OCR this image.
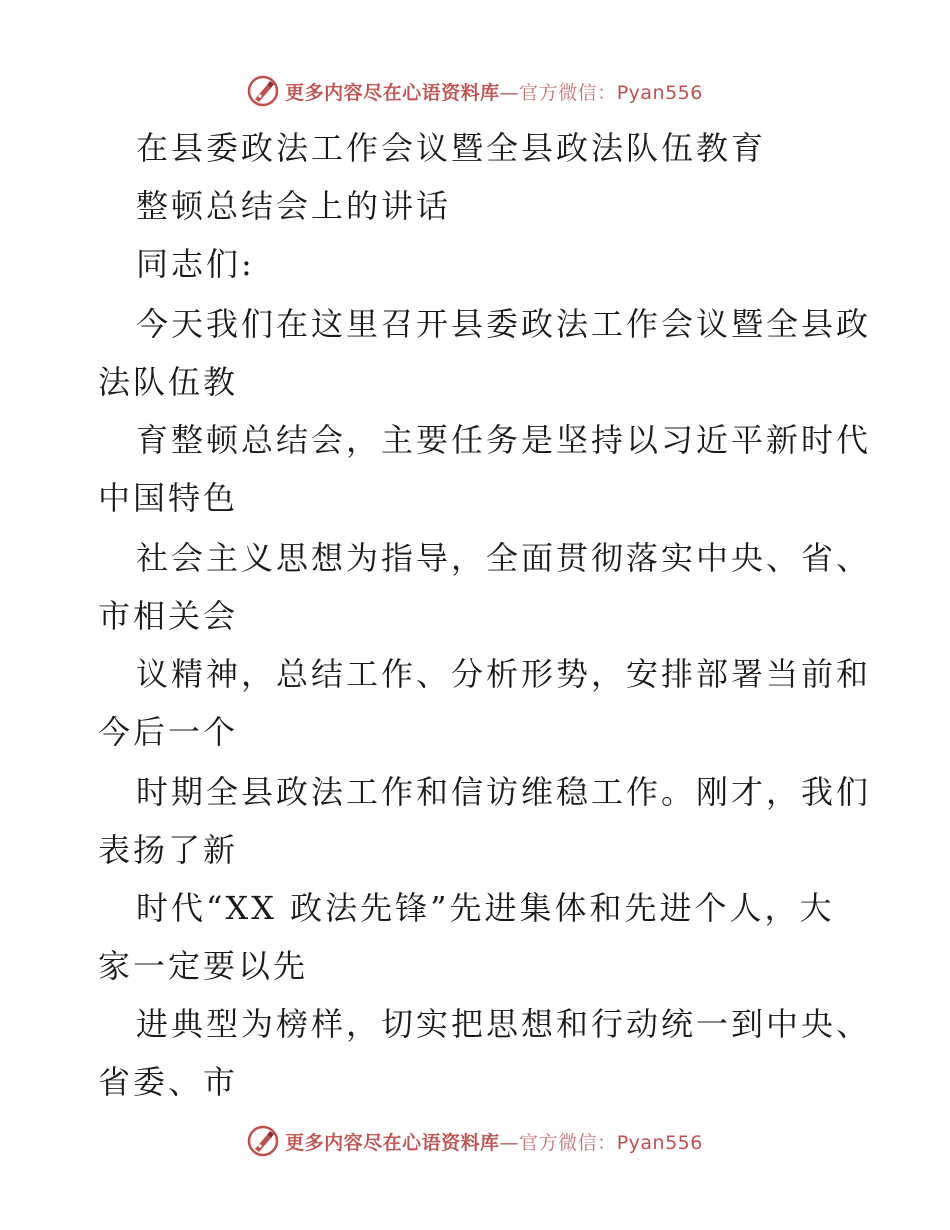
更多内容尽在心语资料库—官方微信：Pyan556
在县委政法工作会议暨全县政法队伍教育
整顿总结会上的讲话
同志们:
今天我们在这里召开县委政法工作会议暨全县政
法队伍教
育整顿总结会，主要任务是坚持以习近平新时代
中国特色
社会主义思想为指导，全面贯彻落实中央、省、
市相关会
议精神，总结工作、分析形势，安排部署当前和
今后一个
时期全县政法工作和信访维稳工作。刚才，我们
表扬了新
时代“XX 政法先锋”先进集体和先进个人，大
家一定要以先
进典型为榜样，切实把思想和行动统一到中央、
省委、市
更多内容尽在心语资料库—官方微信：Pyan556
